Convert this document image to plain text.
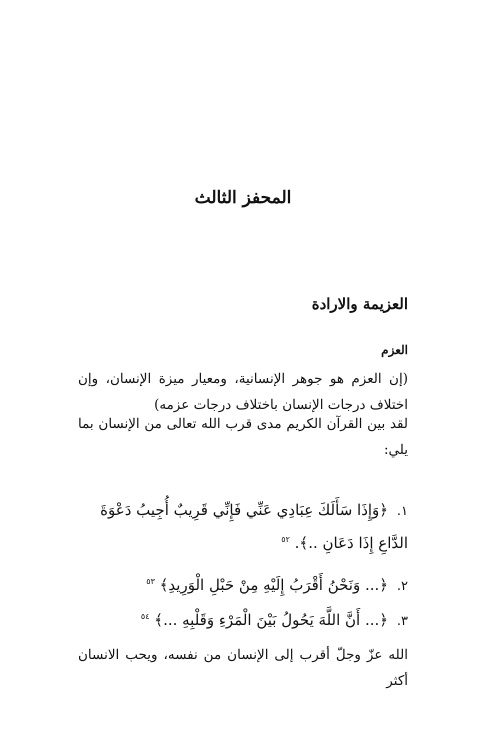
المحفز الثالث
العزيمة والارادة
العزم
(إن العزم هو جوهر الإنسانية، ومعيار ميزة الإنسان، وإن اختلاف درجات الإنسان باختلاف درجات عزمه)
لقد بين القرآن الكريم مدى قرب الله تعالى من الإنسان بما يلي:
١. ﴿وَإِذَا سَأَلَكَ عِبَادِي عَنِّي فَإِنِّي قَرِيبٌ أُجِيبُ دَعْوَةَ الدَّاعِ إِذَا دَعَانِ ..﴾. $^{٥٢}$
٢. ﴿... وَنَحْنُ أَقْرَبُ إِلَيْهِ مِنْ حَبْلِ الْوَرِيدِ﴾ $^{٥٣}$
٣. ﴿... أَنَّ اللَّهَ يَحُولُ بَيْنَ الْمَرْءِ وَقَلْبِهِ ...﴾ $^{٥٤}$
الله عزّ وجلّ أقرب إلى الإنسان من نفسه، ويحب الانسان أكثر
